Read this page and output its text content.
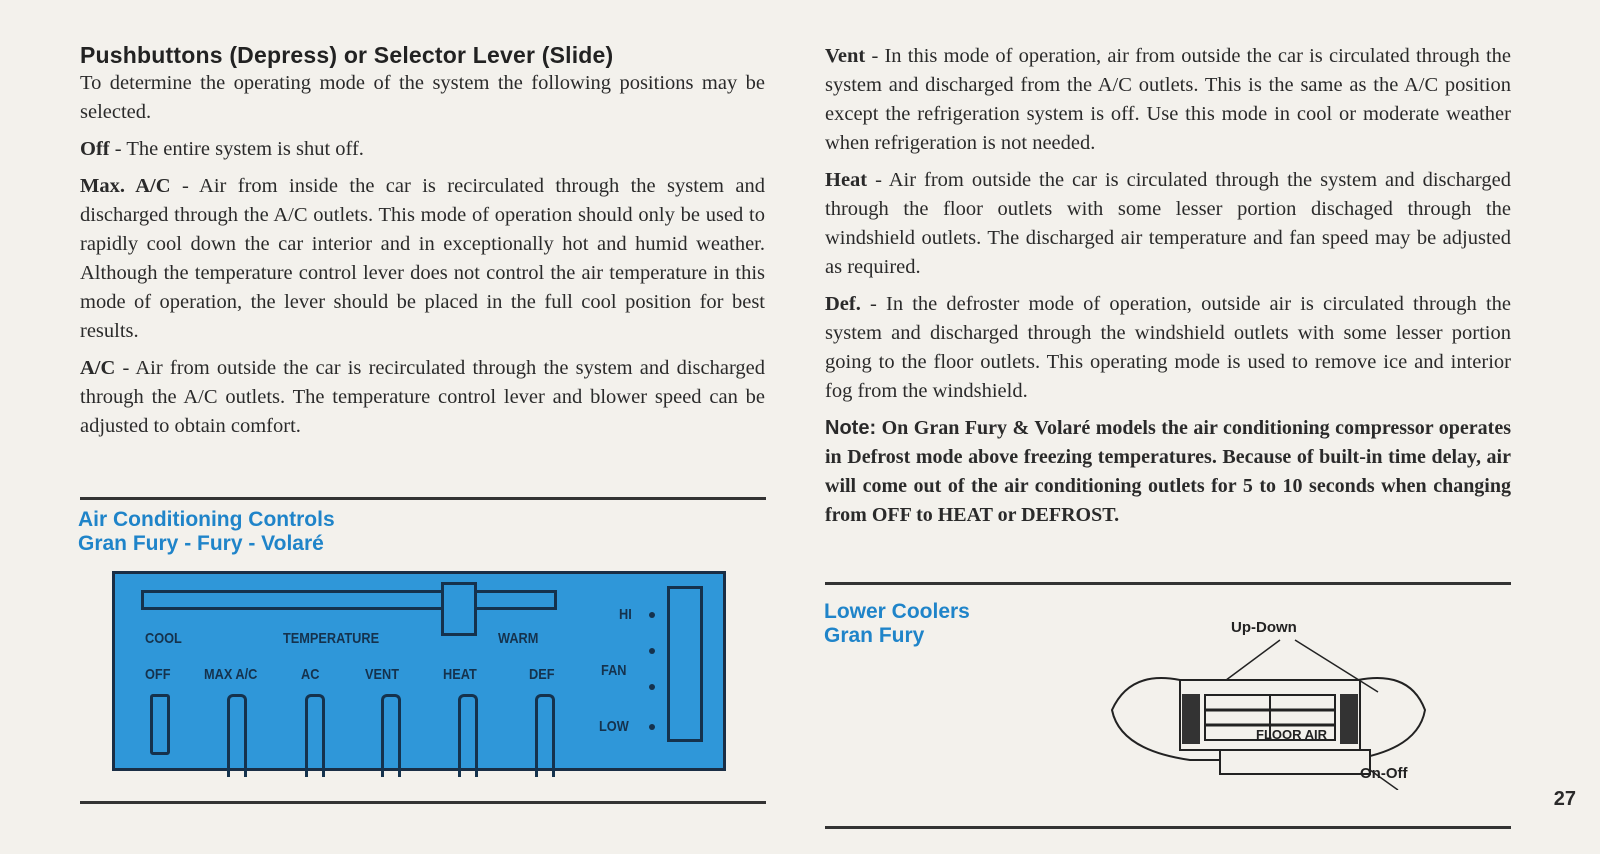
Pushbuttons (Depress) or Selector Lever (Slide)

To determine the operating mode of the system the following positions may be selected.

Off - The entire system is shut off.

Max. A/C - Air from inside the car is recirculated through the system and discharged through the A/C outlets. This mode of operation should only be used to rapidly cool down the car interior and in exceptionally hot and humid weather. Although the temperature control lever does not control the air temperature in this mode of operation, the lever should be placed in the full cool position for best results.

A/C - Air from outside the car is recirculated through the system and discharged through the A/C outlets. The temperature control lever and blower speed can be adjusted to obtain comfort.

Air Conditioning Controls
Gran Fury - Fury - Volaré
COOL	TEMPERATURE	WARM
OFF MAX A/C	AC	VENT	HEAT	DEF
HI
FAN
LOW

Vent - In this mode of operation, air from outside the car is circulated through the system and discharged from the A/C outlets. This is the same as the A/C position except the refrigeration system is off. Use this mode in cool or moderate weather when refrigeration is not needed.

Heat - Air from outside the car is circulated through the system and discharged through the floor outlets with some lesser portion dischaged through the windshield outlets. The discharged air temperature and fan speed may be adjusted as required.

Def. - In the defroster mode of operation, outside air is circulated through the system and discharged through the windshield outlets with some lesser portion going to the floor outlets. This operating mode is used to remove ice and interior fog from the windshield.

Note: On Gran Fury & Volaré models the air conditioning compressor operates in Defrost mode above freezing temperatures. Because of built-in time delay, air will come out of the air conditioning outlets for 5 to 10 seconds when changing from OFF to HEAT or DEFROST.

Lower Coolers
Gran Fury	Up-Down
FLOOR AIR
On-Off
27
